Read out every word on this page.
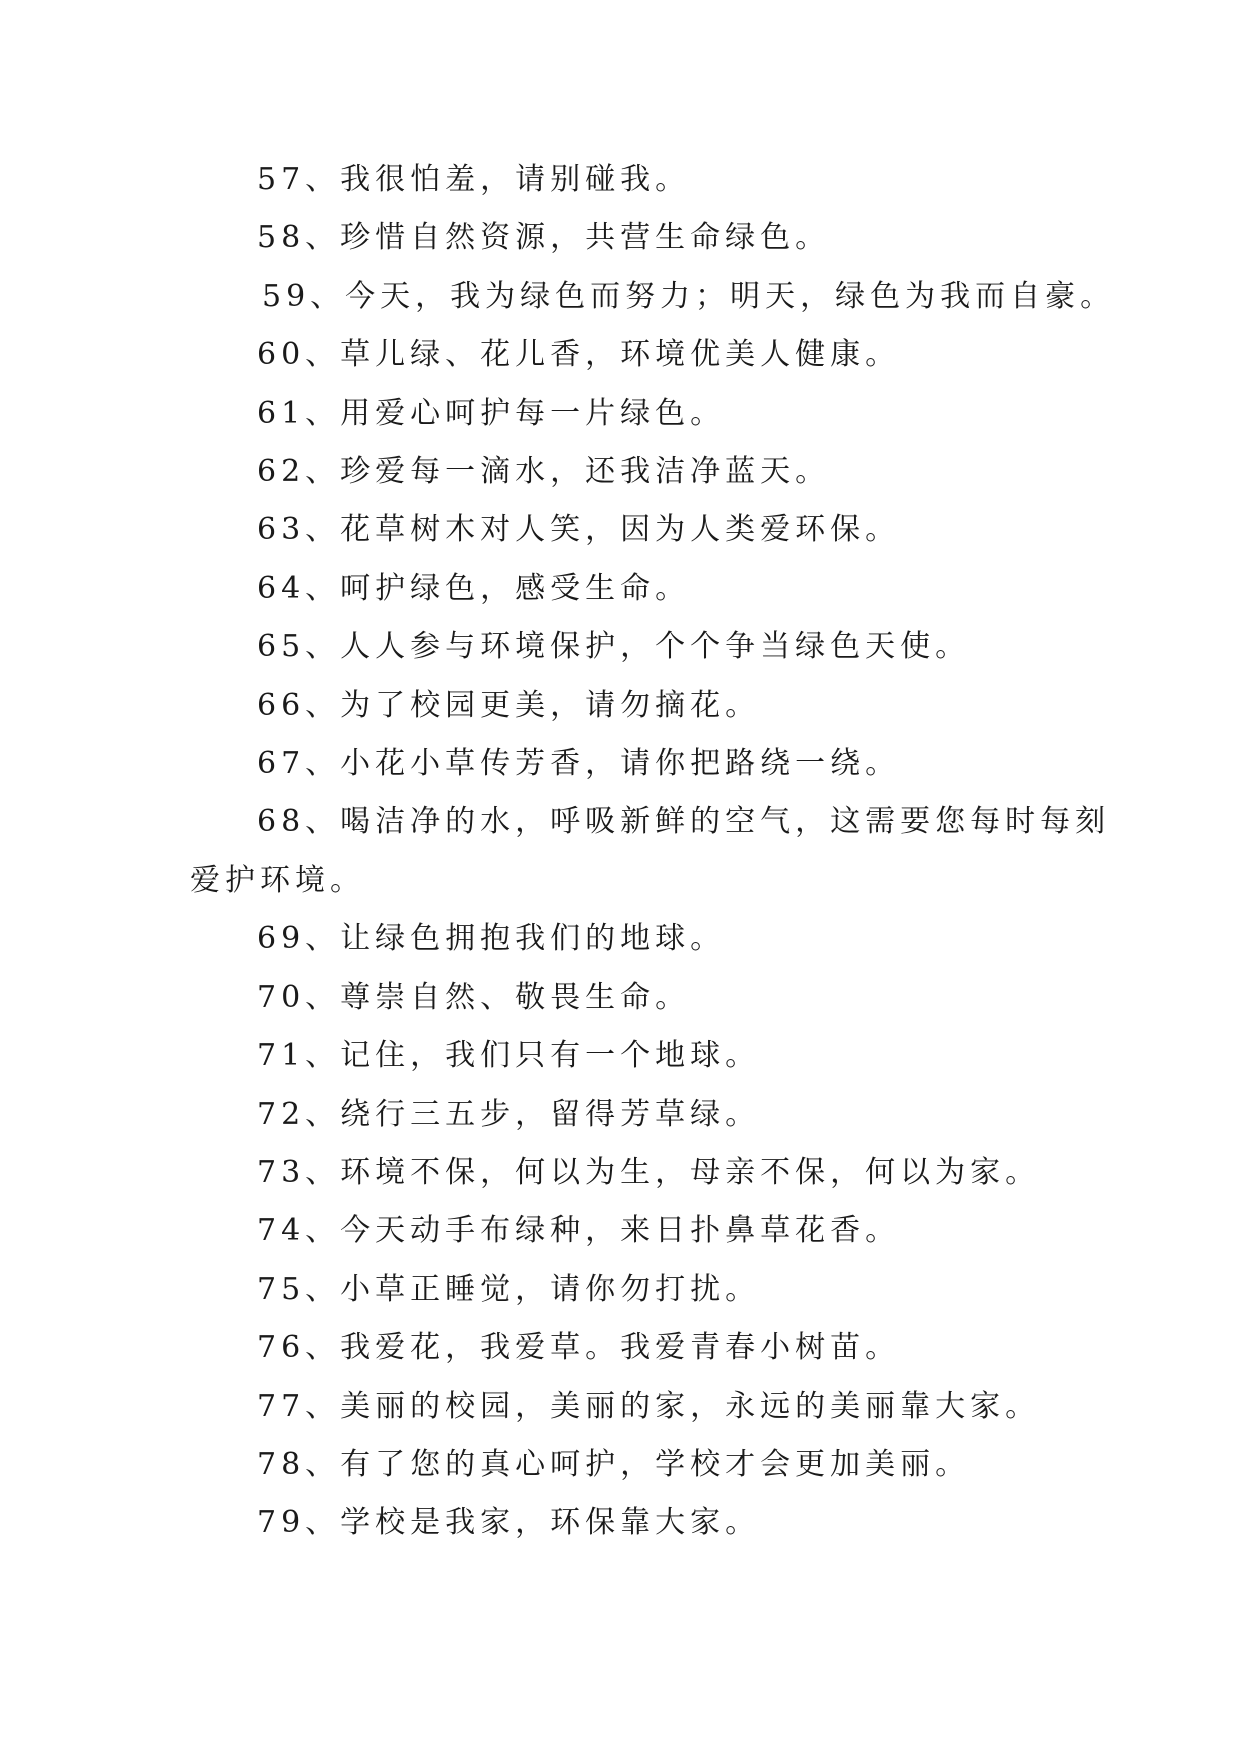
57、我很怕羞，请别碰我。
58、珍惜自然资源，共营生命绿色。
59、今天，我为绿色而努力；明天，绿色为我而自豪。
60、草儿绿、花儿香，环境优美人健康。
61、用爱心呵护每一片绿色。
62、珍爱每一滴水，还我洁净蓝天。
63、花草树木对人笑，因为人类爱环保。
64、呵护绿色，感受生命。
65、人人参与环境保护，个个争当绿色天使。
66、为了校园更美，请勿摘花。
67、小花小草传芳香，请你把路绕一绕。
68、喝洁净的水，呼吸新鲜的空气，这需要您每时每刻
爱护环境。
69、让绿色拥抱我们的地球。
70、尊崇自然、敬畏生命。
71、记住，我们只有一个地球。
72、绕行三五步，留得芳草绿。
73、环境不保，何以为生，母亲不保，何以为家。
74、今天动手布绿种，来日扑鼻草花香。
75、小草正睡觉，请你勿打扰。
76、我爱花，我爱草。我爱青春小树苗。
77、美丽的校园，美丽的家，永远的美丽靠大家。
78、有了您的真心呵护，学校才会更加美丽。
79、学校是我家，环保靠大家。
